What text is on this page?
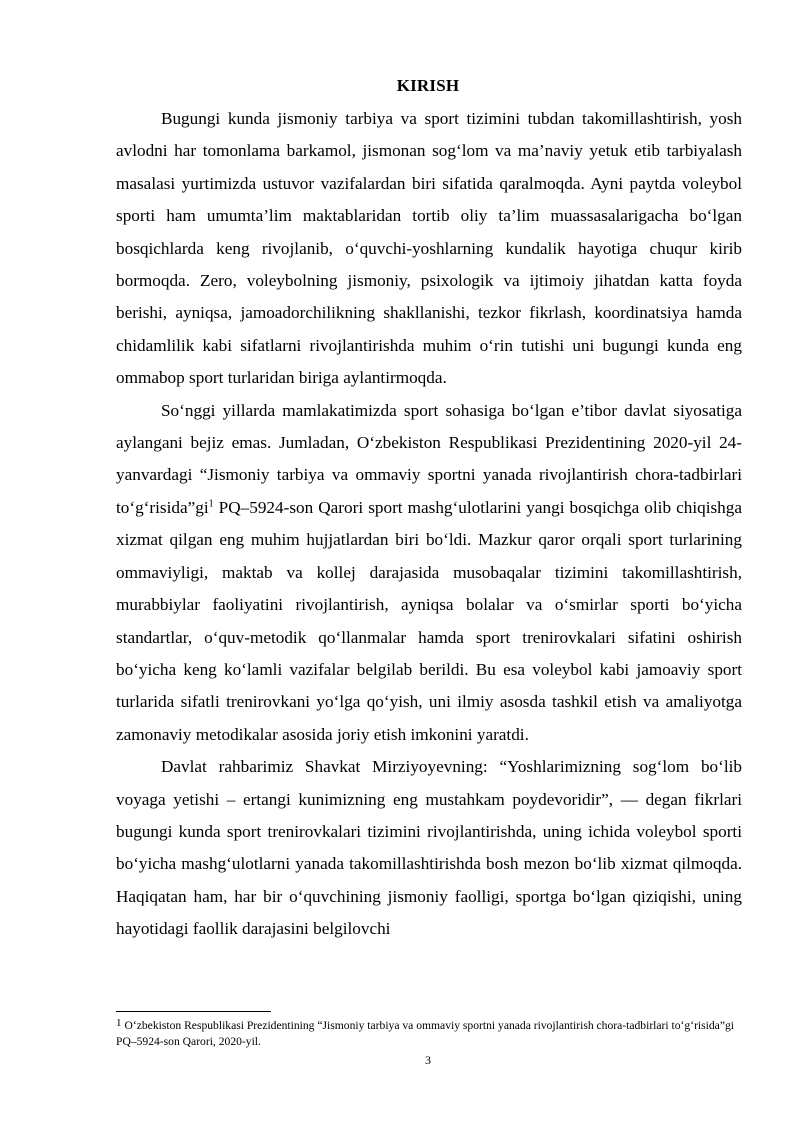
KIRISH

Bugungi kunda jismoniy tarbiya va sport tizimini tubdan takomillashtirish, yosh avlodni har tomonlama barkamol, jismonan sog‘lom va ma’naviy yetuk etib tarbiyalash masalasi yurtimizda ustuvor vazifalardan biri sifatida qaralmoqda. Ayni paytda voleybol sporti ham umumta’lim maktablaridan tortib oliy ta’lim muassasalarigacha bo‘lgan bosqichlarda keng rivojlanib, o‘quvchi-yoshlarning kundalik hayotiga chuqur kirib bormoqda. Zero, voleybolning jismoniy, psixologik va ijtimoiy jihatdan katta foyda berishi, ayniqsa, jamoadorchilikning shakllanishi, tezkor fikrlash, koordinatsiya hamda chidamlilik kabi sifatlarni rivojlantirishda muhim o‘rin tutishi uni bugungi kunda eng ommabop sport turlaridan biriga aylantirmoqda.

So‘nggi yillarda mamlakatimizda sport sohasiga bo‘lgan e’tibor davlat siyosatiga aylangani bejiz emas. Jumladan, O‘zbekiston Respublikasi Prezidentining 2020-yil 24-yanvardagi “Jismoniy tarbiya va ommaviy sportni yanada rivojlantirish chora-tadbirlari $to‘g‘risida”gi^1$ PQ–5924-son Qarori sport mashg‘ulotlarini yangi bosqichga olib chiqishga xizmat qilgan eng muhim hujjatlardan biri bo‘ldi. Mazkur qaror orqali sport turlarining ommaviyligi, maktab va kollej darajasida musobaqalar tizimini takomillashtirish, murabbiylar faoliyatini rivojlantirish, ayniqsa bolalar va o‘smirlar sporti bo‘yicha standartlar, o‘quv-metodik qo‘llanmalar hamda sport trenirovkalari sifatini oshirish bo‘yicha keng ko‘lamli vazifalar belgilab berildi. Bu esa voleybol kabi jamoaviy sport turlarida sifatli trenirovkani yo‘lga qo‘yish, uni ilmiy asosda tashkil etish va amaliyotga zamonaviy metodikalar asosida joriy etish imkonini yaratdi.

Davlat rahbarimiz Shavkat Mirziyoyevning: “Yoshlarimizning sog‘lom bo‘lib voyaga yetishi – ertangi kunimizning eng mustahkam poydevoridir”, — degan fikrlari bugungi kunda sport trenirovkalari tizimini rivojlantirishda, uning ichida voleybol sporti bo‘yicha mashg‘ulotlarni yanada takomillashtirishda bosh mezon bo‘lib xizmat qilmoqda. Haqiqatan ham, har bir o‘quvchining jismoniy faolligi, sportga bo‘lgan qiziqishi, uning hayotidagi faollik darajasini belgilovchi

1 O‘zbekiston Respublikasi Prezidentining “Jismoniy tarbiya va ommaviy sportni yanada rivojlantirish chora-tadbirlari to‘g‘risida”gi PQ–5924-son Qarori, 2020-yil.
3
